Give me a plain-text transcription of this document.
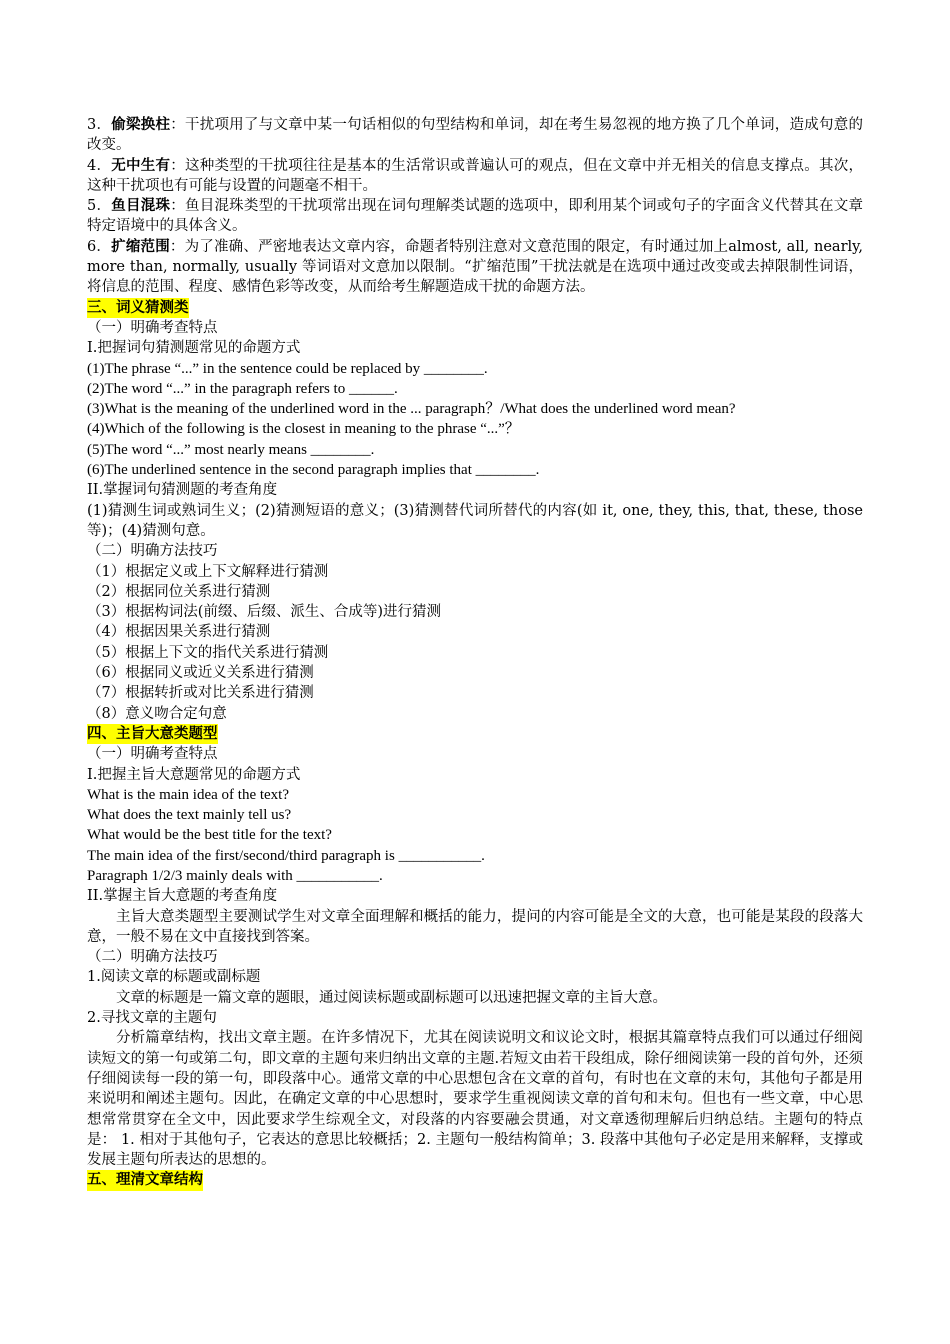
3．偷梁换柱：干扰项用了与文章中某一句话相似的句型结构和单词，却在考生易忽视的地方换了几个单词，造成句意的改变。

4．无中生有：这种类型的干扰项往往是基本的生活常识或普遍认可的观点，但在文章中并无相关的信息支撑点。其次，这种干扰项也有可能与设置的问题毫不相干。

5．鱼目混珠：鱼目混珠类型的干扰项常出现在词句理解类试题的选项中，即利用某个词或句子的字面含义代替其在文章特定语境中的具体含义。

6．扩缩范围：为了准确、严密地表达文章内容，命题者特别注意对文意范围的限定，有时通过加上almost, all, nearly, more than, normally, usually 等词语对文意加以限制。“扩缩范围”干扰法就是在选项中通过改变或去掉限制性词语，将信息的范围、程度、感情色彩等改变，从而给考生解题造成干扰的命题方法。

三、词义猜测类

（一）明确考查特点

I.把握词句猜测题常见的命题方式

(1)The phrase “...” in the sentence could be replaced by ________.

(2)The word “...” in the paragraph refers to ______.

(3)What is the meaning of the underlined word in the ... paragraph？/What does the underlined word mean?

(4)Which of the following is the closest in meaning to the phrase “...”？

(5)The word “...” most nearly means ________.

(6)The underlined sentence in the second paragraph implies that ________.

II.掌握词句猜测题的考查角度

(1)猜测生词或熟词生义；(2)猜测短语的意义；(3)猜测替代词所替代的内容(如 it, one, they, this, that, these, those 等)；(4)猜测句意。

（二）明确方法技巧

（1）根据定义或上下文解释进行猜测

（2）根据同位关系进行猜测

（3）根据构词法(前缀、后缀、派生、合成等)进行猜测

（4）根据因果关系进行猜测

（5）根据上下文的指代关系进行猜测

（6）根据同义或近义关系进行猜测

（7）根据转折或对比关系进行猜测

（8）意义吻合定句意

四、主旨大意类题型

（一）明确考查特点

I.把握主旨大意题常见的命题方式

What is the main idea of the text?

What does the text mainly tell us?

What would be the best title for the text?

The main idea of the first/second/third paragraph is ___________.

Paragraph 1/2/3 mainly deals with ___________.

II.掌握主旨大意题的考查角度

主旨大意类题型主要测试学生对文章全面理解和概括的能力，提问的内容可能是全文的大意，也可能是某段的段落大意，一般不易在文中直接找到答案。

（二）明确方法技巧

1.阅读文章的标题或副标题

文章的标题是一篇文章的题眼，通过阅读标题或副标题可以迅速把握文章的主旨大意。

2.寻找文章的主题句

分析篇章结构，找出文章主题。在许多情况下，尤其在阅读说明文和议论文时，根据其篇章特点我们可以通过仔细阅读短文的第一句或第二句，即文章的主题句来归纳出文章的主题.若短文由若干段组成，除仔细阅读第一段的首句外，还须仔细阅读每一段的第一句，即段落中心。通常文章的中心思想包含在文章的首句，有时也在文章的末句，其他句子都是用来说明和阐述主题句。因此，在确定文章的中心思想时，要求学生重视阅读文章的首句和末句。但也有一些文章，中心思想常常贯穿在全文中，因此要求学生综观全文，对段落的内容要融会贯通，对文章透彻理解后归纳总结。主题句的特点是： 1. 相对于其他句子，它表达的意思比较概括；2. 主题句一般结构简单；3. 段落中其他句子必定是用来解释，支撑或发展主题句所表达的思想的。

五、理清文章结构
